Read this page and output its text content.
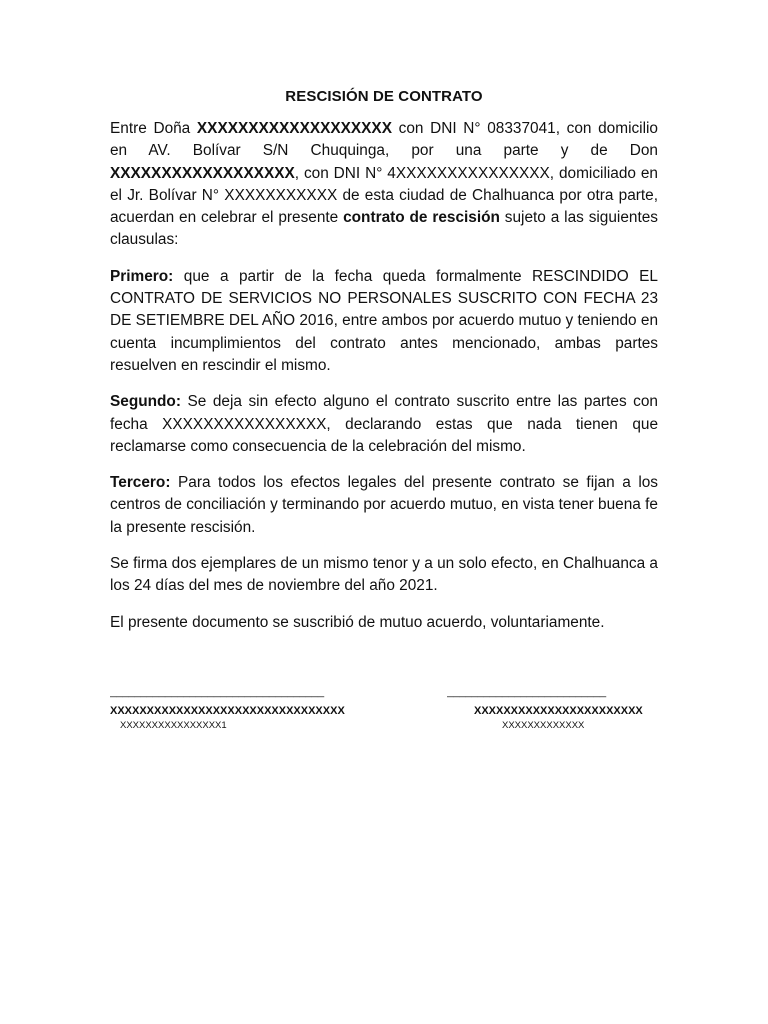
RESCISIÓN DE CONTRATO

Entre Doña XXXXXXXXXXXXXXXXXXX con DNI N° 08337041, con domicilio en AV. Bolívar S/N Chuquinga, por una parte y de Don XXXXXXXXXXXXXXXXXX, con DNI N° 4XXXXXXXXXXXXXXX, domiciliado en el Jr. Bolívar N° XXXXXXXXXXX de esta ciudad de Chalhuanca por otra parte, acuerdan en celebrar el presente contrato de rescisión sujeto a las siguientes clausulas:

Primero: que a partir de la fecha queda formalmente RESCINDIDO EL CONTRATO DE SERVICIOS NO PERSONALES SUSCRITO CON FECHA 23 DE SETIEMBRE DEL AÑO 2016, entre ambos por acuerdo mutuo y teniendo en cuenta incumplimientos del contrato antes mencionado, ambas partes resuelven en rescindir el mismo.

Segundo: Se deja sin efecto alguno el contrato suscrito entre las partes con fecha XXXXXXXXXXXXXXXX, declarando estas que nada tienen que reclamarse como consecuencia de la celebración del mismo.

Tercero: Para todos los efectos legales del presente contrato se fijan a los centros de conciliación y terminando por acuerdo mutuo, en vista tener buena fe la presente rescisión.

Se firma dos ejemplares de un mismo tenor y a un solo efecto, en Chalhuanca a los 24 días del mes de noviembre del año 2021.

El presente documento se suscribió de mutuo acuerdo, voluntariamente.

___________________________________
XXXXXXXXXXXXXXXXXXXXXXXXXXXXXXXX
XXXXXXXXXXXXXXXX1
__________________________
XXXXXXXXXXXXXXXXXXXXXXX
XXXXXXXXXXXXX
